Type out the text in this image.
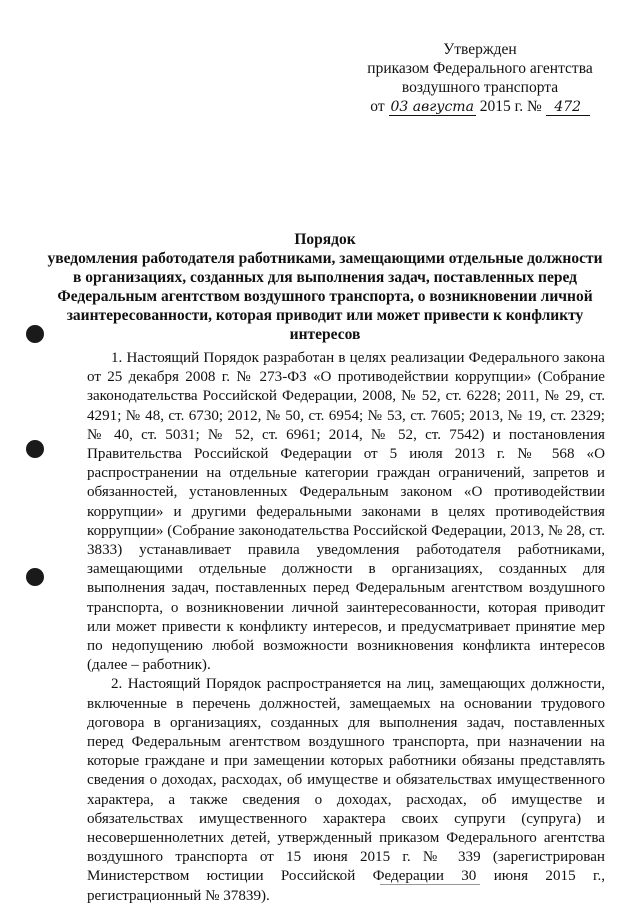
Утвержден
приказом Федерального агентства
воздушного транспорта
от 03 августа 2015 г. № 472
Порядок
уведомления работодателя работниками, замещающими отдельные должности
в организациях, созданных для выполнения задач, поставленных перед
Федеральным агентством воздушного транспорта, о возникновении личной
заинтересованности, которая приводит или может привести к конфликту
интересов

1. Настоящий Порядок разработан в целях реализации Федерального закона от 25 декабря 2008 г. № 273-ФЗ «О противодействии коррупции» (Собрание законодательства Российской Федерации, 2008, № 52, ст. 6228; 2011, № 29, ст. 4291; № 48, ст. 6730; 2012, № 50, ст. 6954; № 53, ст. 7605; 2013, № 19, ст. 2329; № 40, ст. 5031; № 52, ст. 6961; 2014, № 52, ст. 7542) и постановления Правительства Российской Федерации от 5 июля 2013 г. № 568 «О распространении на отдельные категории граждан ограничений, запретов и обязанностей, установленных Федеральным законом «О противодействии коррупции» и другими федеральными законами в целях противодействия коррупции» (Собрание законодательства Российской Федерации, 2013, № 28, ст. 3833) устанавливает правила уведомления работодателя работниками, замещающими отдельные должности в организациях, созданных для выполнения задач, поставленных перед Федеральным агентством воздушного транспорта, о возникновении личной заинтересованности, которая приводит или может привести к конфликту интересов, и предусматривает принятие мер по недопущению любой возможности возникновения конфликта интересов (далее – работник).

2. Настоящий Порядок распространяется на лиц, замещающих должности, включенные в перечень должностей, замещаемых на основании трудового договора в организациях, созданных для выполнения задач, поставленных перед Федеральным агентством воздушного транспорта, при назначении на которые граждане и при замещении которых работники обязаны представлять сведения о доходах, расходах, об имуществе и обязательствах имущественного характера, а также сведения о доходах, расходах, об имуществе и обязательствах имущественного характера своих супруги (супруга) и несовершеннолетних детей, утвержденный приказом Федерального агентства воздушного транспорта от 15 июня 2015 г. № 339 (зарегистрирован Министерством юстиции Российской Федерации 30 июня 2015 г., регистрационный № 37839).
